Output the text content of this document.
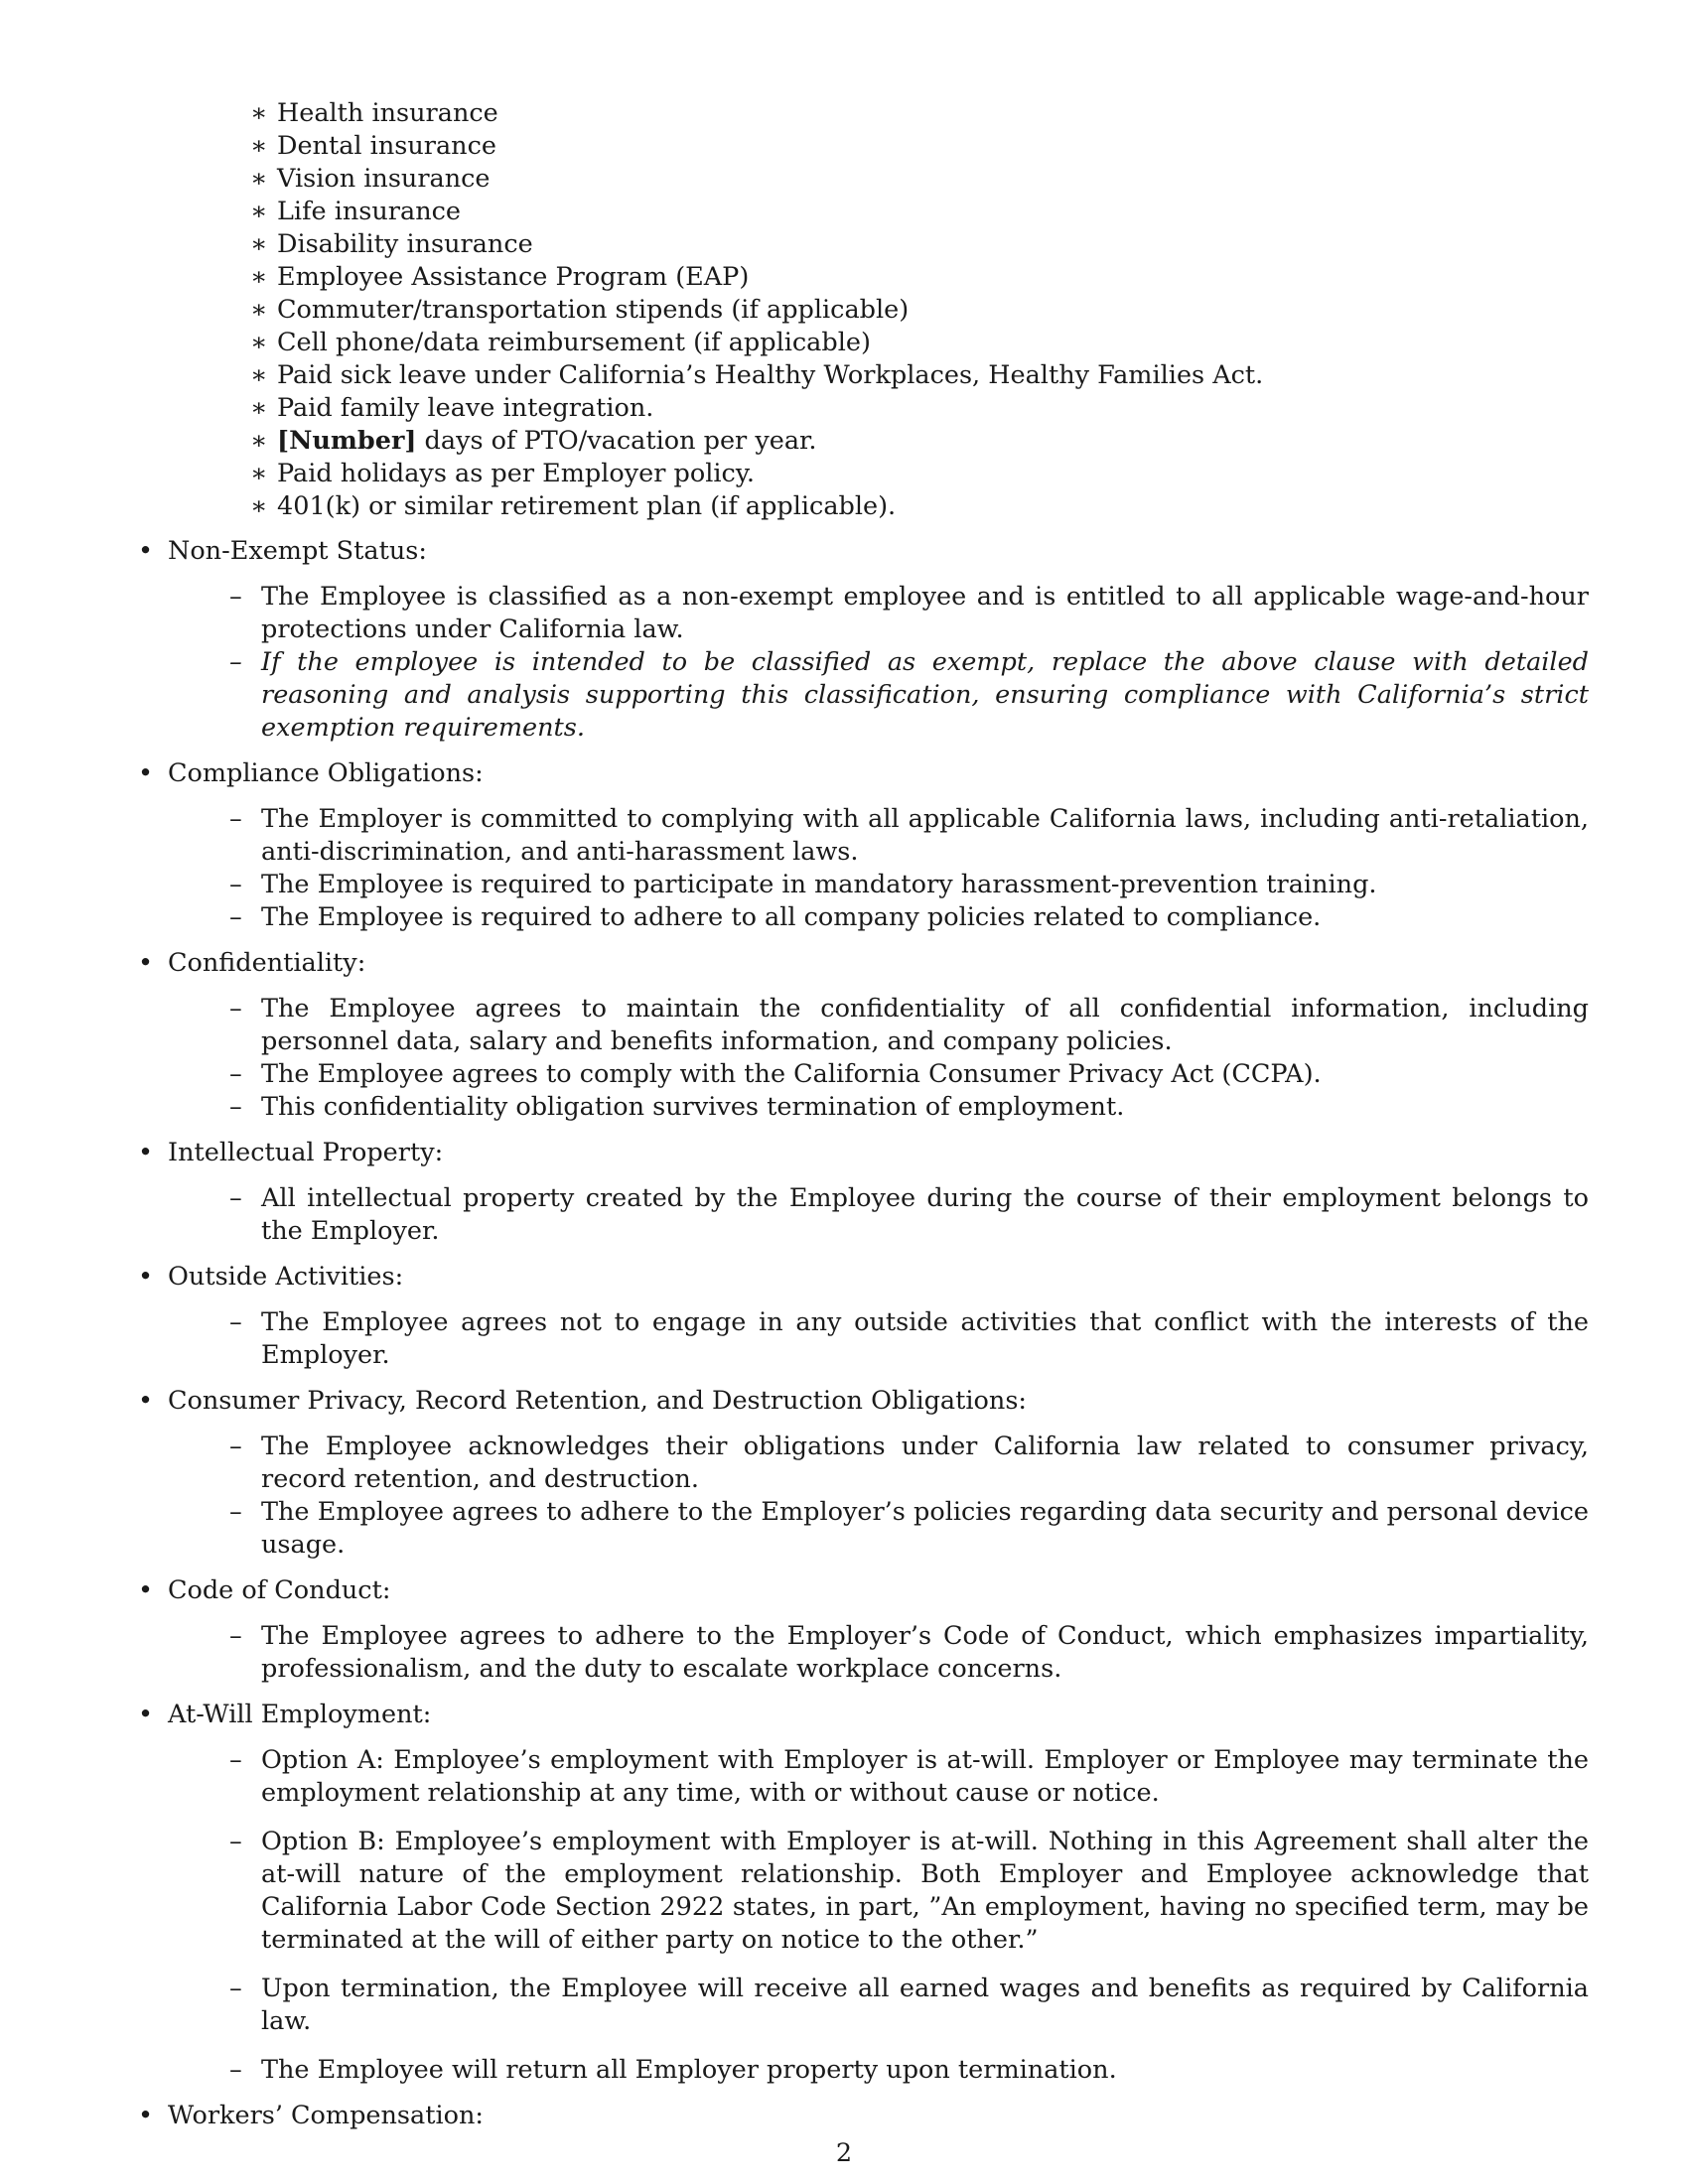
∗ Health insurance
∗ Dental insurance
∗ Vision insurance
∗ Life insurance
∗ Disability insurance
∗ Employee Assistance Program (EAP)
∗ Commuter/transportation stipends (if applicable)
∗ Cell phone/data reimbursement (if applicable)
∗ Paid sick leave under California’s Healthy Workplaces, Healthy Families Act.
∗ Paid family leave integration.
∗ [Number] days of PTO/vacation per year.
∗ Paid holidays as per Employer policy.
∗ 401(k) or similar retirement plan (if applicable).
• Non-Exempt Status:
– The Employee is classified as a non-exempt employee and is entitled to all applicable wage-and-hour protections under California law.
– If the employee is intended to be classified as exempt, replace the above clause with detailed reasoning and analysis supporting this classification, ensuring compliance with California’s strict exemption requirements.
• Compliance Obligations:
– The Employer is committed to complying with all applicable California laws, including anti-retaliation, anti-discrimination, and anti-harassment laws.
– The Employee is required to participate in mandatory harassment-prevention training.
– The Employee is required to adhere to all company policies related to compliance.
• Confidentiality:
– The Employee agrees to maintain the confidentiality of all confidential information, including personnel data, salary and benefits information, and company policies.
– The Employee agrees to comply with the California Consumer Privacy Act (CCPA).
– This confidentiality obligation survives termination of employment.
• Intellectual Property:
– All intellectual property created by the Employee during the course of their employment belongs to the Employer.
• Outside Activities:
– The Employee agrees not to engage in any outside activities that conflict with the interests of the Employer.
• Consumer Privacy, Record Retention, and Destruction Obligations:
– The Employee acknowledges their obligations under California law related to consumer privacy, record retention, and destruction.
– The Employee agrees to adhere to the Employer’s policies regarding data security and personal device usage.
• Code of Conduct:
– The Employee agrees to adhere to the Employer’s Code of Conduct, which emphasizes impartiality, professionalism, and the duty to escalate workplace concerns.
• At-Will Employment:
– Option A: Employee’s employment with Employer is at-will. Employer or Employee may terminate the employment relationship at any time, with or without cause or notice.
– Option B: Employee’s employment with Employer is at-will. Nothing in this Agreement shall alter the at-will nature of the employment relationship. Both Employer and Employee acknowledge that California Labor Code Section 2922 states, in part, ”An employment, having no specified term, may be terminated at the will of either party on notice to the other.”
– Upon termination, the Employee will receive all earned wages and benefits as required by California law.
– The Employee will return all Employer property upon termination.
• Workers’ Compensation:
2
